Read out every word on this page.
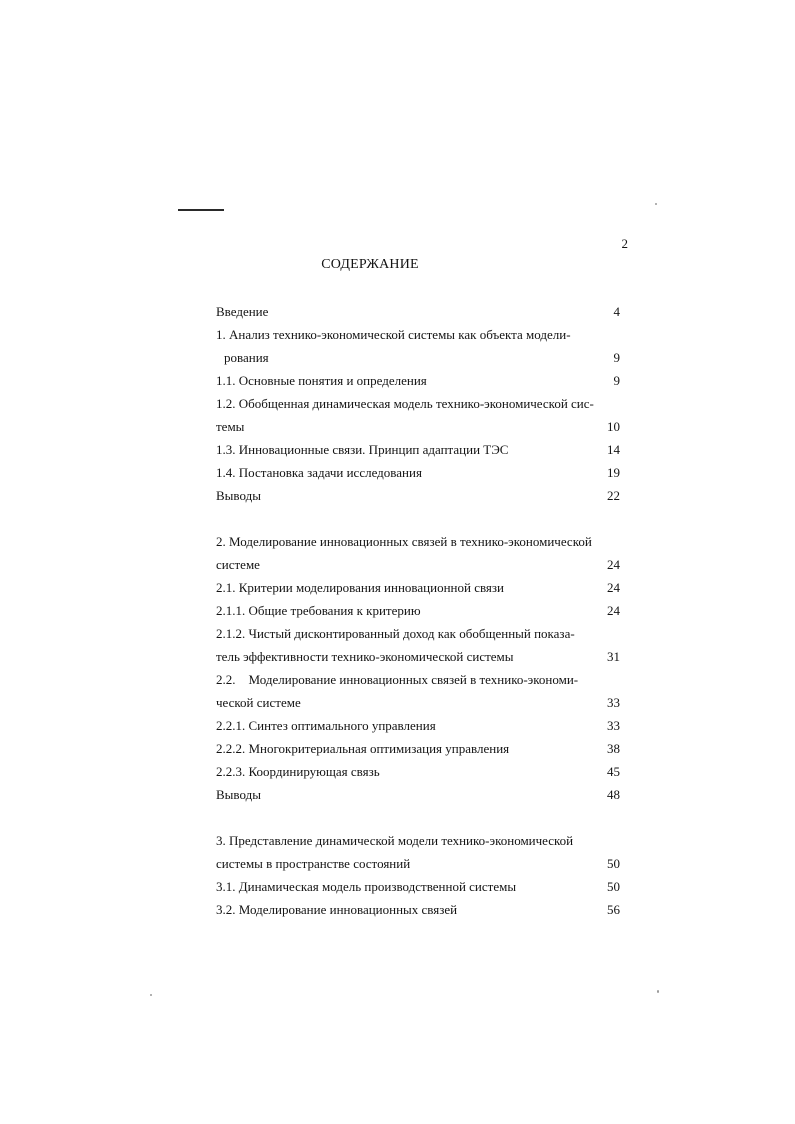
2
СОДЕРЖАНИЕ
Введение	4
1. Анализ технико-экономической системы как объекта модели-
рования	9
1.1. Основные понятия и определения	9
1.2. Обобщенная динамическая модель технико-экономической сис-
темы	10
1.3. Инновационные связи. Принцип адаптации ТЭС	14
1.4. Постановка задачи исследования	19
Выводы	22
2. Моделирование инновационных связей в технико-экономической
системе	24
2.1. Критерии моделирования инновационной связи	24
2.1.1. Общие требования к критерию	24
2.1.2. Чистый дисконтированный доход как обобщенный показа-
тель эффективности технико-экономической системы	31
2.2.    Моделирование инновационных связей в технико-экономи-
ческой системе	33
2.2.1. Синтез оптимального управления	33
2.2.2. Многокритериальная оптимизация управления	38
2.2.3. Координирующая связь	45
Выводы	48
3. Представление динамической модели технико-экономической
системы в пространстве состояний	50
3.1. Динамическая модель производственной системы	50
3.2. Моделирование инновационных связей	56
